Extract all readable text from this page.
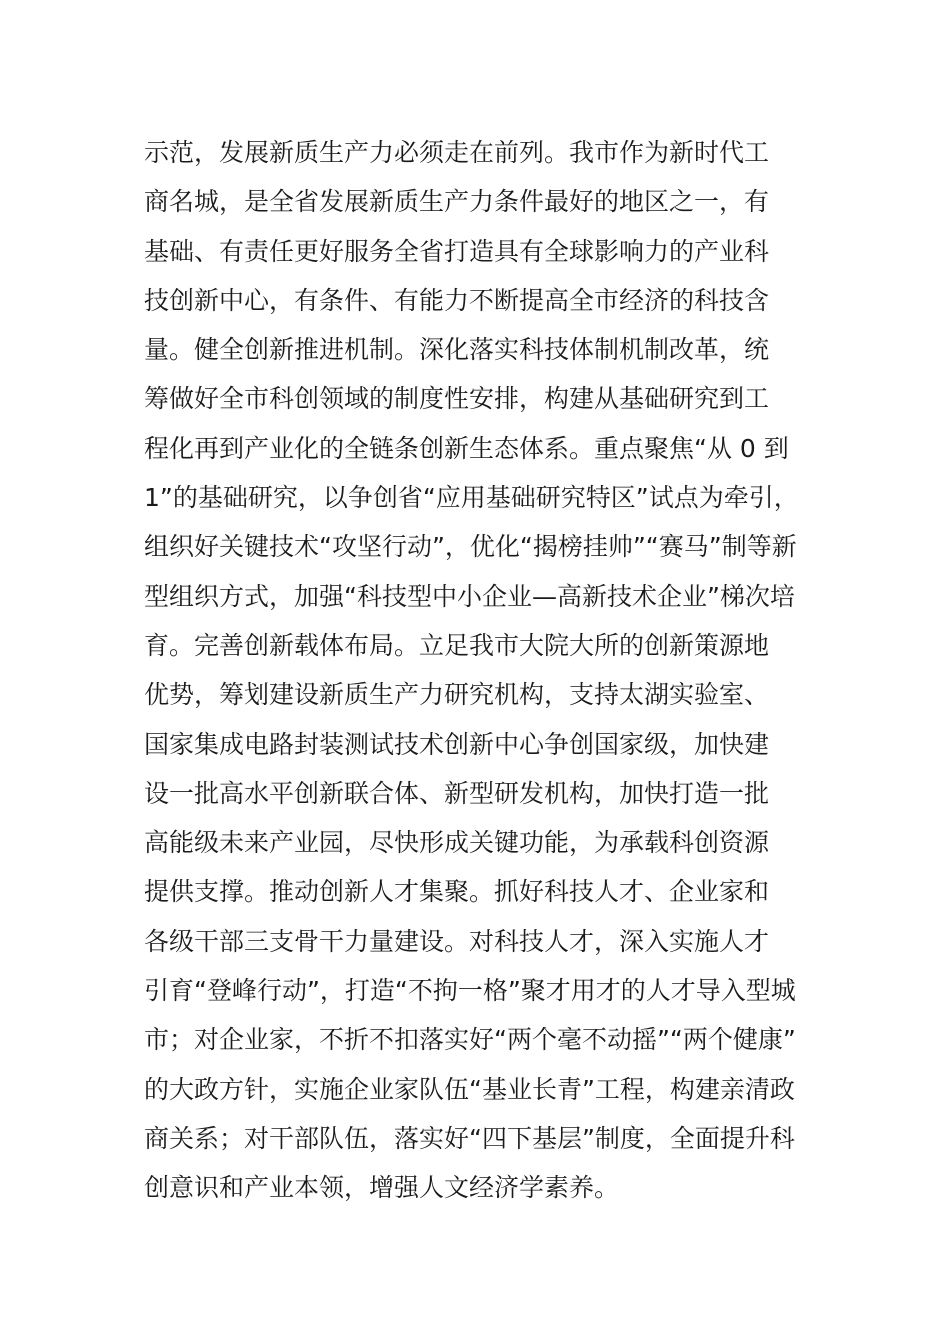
示范，发展新质生产力必须走在前列。我市作为新时代工
商名城，是全省发展新质生产力条件最好的地区之一，有
基础、有责任更好服务全省打造具有全球影响力的产业科
技创新中心，有条件、有能力不断提高全市经济的科技含
量。健全创新推进机制。深化落实科技体制机制改革，统
筹做好全市科创领域的制度性安排，构建从基础研究到工
程化再到产业化的全链条创新生态体系。重点聚焦“从 0 到
1”的基础研究，以争创省“应用基础研究特区”试点为牵引，
组织好关键技术“攻坚行动”，优化“揭榜挂帅”“赛马”制等新
型组织方式，加强“科技型中小企业—高新技术企业”梯次培
育。完善创新载体布局。立足我市大院大所的创新策源地
优势，筹划建设新质生产力研究机构，支持太湖实验室、
国家集成电路封装测试技术创新中心争创国家级，加快建
设一批高水平创新联合体、新型研发机构，加快打造一批
高能级未来产业园，尽快形成关键功能，为承载科创资源
提供支撑。推动创新人才集聚。抓好科技人才、企业家和
各级干部三支骨干力量建设。对科技人才，深入实施人才
引育“登峰行动”，打造“不拘一格”聚才用才的人才导入型城
市；对企业家，不折不扣落实好“两个毫不动摇”“两个健康”
的大政方针，实施企业家队伍“基业长青”工程，构建亲清政
商关系；对干部队伍，落实好“四下基层”制度，全面提升科
创意识和产业本领，增强人文经济学素养。
